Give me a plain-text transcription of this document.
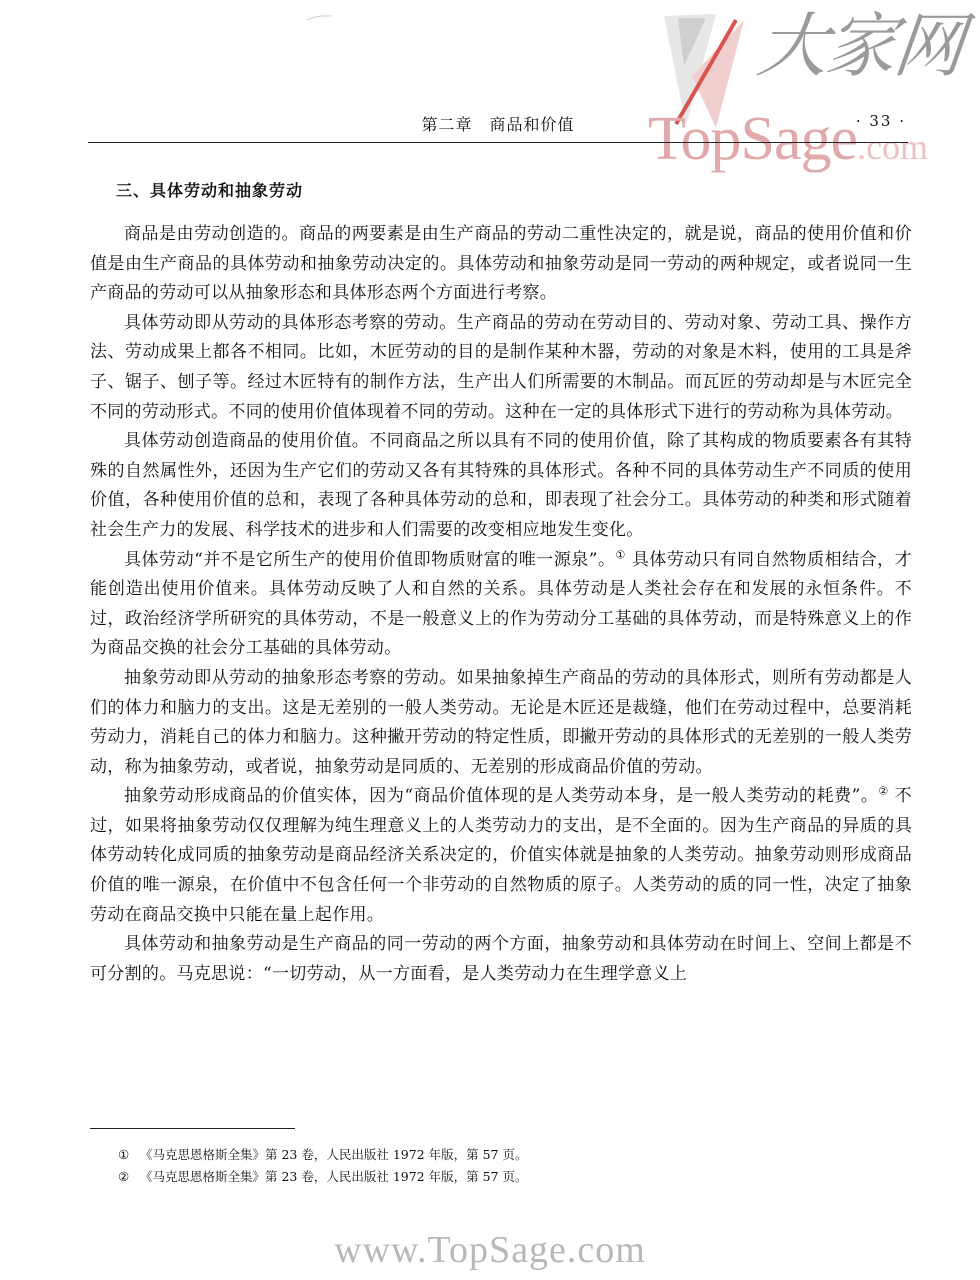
大家网
TopSage.com
第二章　商品和价值	· 33 ·
三、具体劳动和抽象劳动

商品是由劳动创造的。商品的两要素是由生产商品的劳动二重性决定的，就是说，商品的使用价值和价值是由生产商品的具体劳动和抽象劳动决定的。具体劳动和抽象劳动是同一劳动的两种规定，或者说同一生产商品的劳动可以从抽象形态和具体形态两个方面进行考察。

具体劳动即从劳动的具体形态考察的劳动。生产商品的劳动在劳动目的、劳动对象、劳动工具、操作方法、劳动成果上都各不相同。比如，木匠劳动的目的是制作某种木器，劳动的对象是木料，使用的工具是斧子、锯子、刨子等。经过木匠特有的制作方法，生产出人们所需要的木制品。而瓦匠的劳动却是与木匠完全不同的劳动形式。不同的使用价值体现着不同的劳动。这种在一定的具体形式下进行的劳动称为具体劳动。

具体劳动创造商品的使用价值。不同商品之所以具有不同的使用价值，除了其构成的物质要素各有其特殊的自然属性外，还因为生产它们的劳动又各有其特殊的具体形式。各种不同的具体劳动生产不同质的使用价值，各种使用价值的总和，表现了各种具体劳动的总和，即表现了社会分工。具体劳动的种类和形式随着社会生产力的发展、科学技术的进步和人们需要的改变相应地发生变化。

具体劳动“并不是它所生产的使用价值即物质财富的唯一源泉”。① 具体劳动只有同自然物质相结合，才能创造出使用价值来。具体劳动反映了人和自然的关系。具体劳动是人类社会存在和发展的永恒条件。不过，政治经济学所研究的具体劳动，不是一般意义上的作为劳动分工基础的具体劳动，而是特殊意义上的作为商品交换的社会分工基础的具体劳动。

抽象劳动即从劳动的抽象形态考察的劳动。如果抽象掉生产商品的劳动的具体形式，则所有劳动都是人们的体力和脑力的支出。这是无差别的一般人类劳动。无论是木匠还是裁缝，他们在劳动过程中，总要消耗劳动力，消耗自己的体力和脑力。这种撇开劳动的特定性质，即撇开劳动的具体形式的无差别的一般人类劳动，称为抽象劳动，或者说，抽象劳动是同质的、无差别的形成商品价值的劳动。

抽象劳动形成商品的价值实体，因为“商品价值体现的是人类劳动本身，是一般人类劳动的耗费”。② 不过，如果将抽象劳动仅仅理解为纯生理意义上的人类劳动力的支出，是不全面的。因为生产商品的异质的具体劳动转化成同质的抽象劳动是商品经济关系决定的，价值实体就是抽象的人类劳动。抽象劳动则形成商品价值的唯一源泉，在价值中不包含任何一个非劳动的自然物质的原子。人类劳动的质的同一性，决定了抽象劳动在商品交换中只能在量上起作用。

具体劳动和抽象劳动是生产商品的同一劳动的两个方面，抽象劳动和具体劳动在时间上、空间上都是不可分割的。马克思说：“一切劳动，从一方面看，是人类劳动力在生理学意义上

① 《马克思恩格斯全集》第 23 卷，人民出版社 1972 年版，第 57 页。

② 《马克思恩格斯全集》第 23 卷，人民出版社 1972 年版，第 57 页。

www.TopSage.com
